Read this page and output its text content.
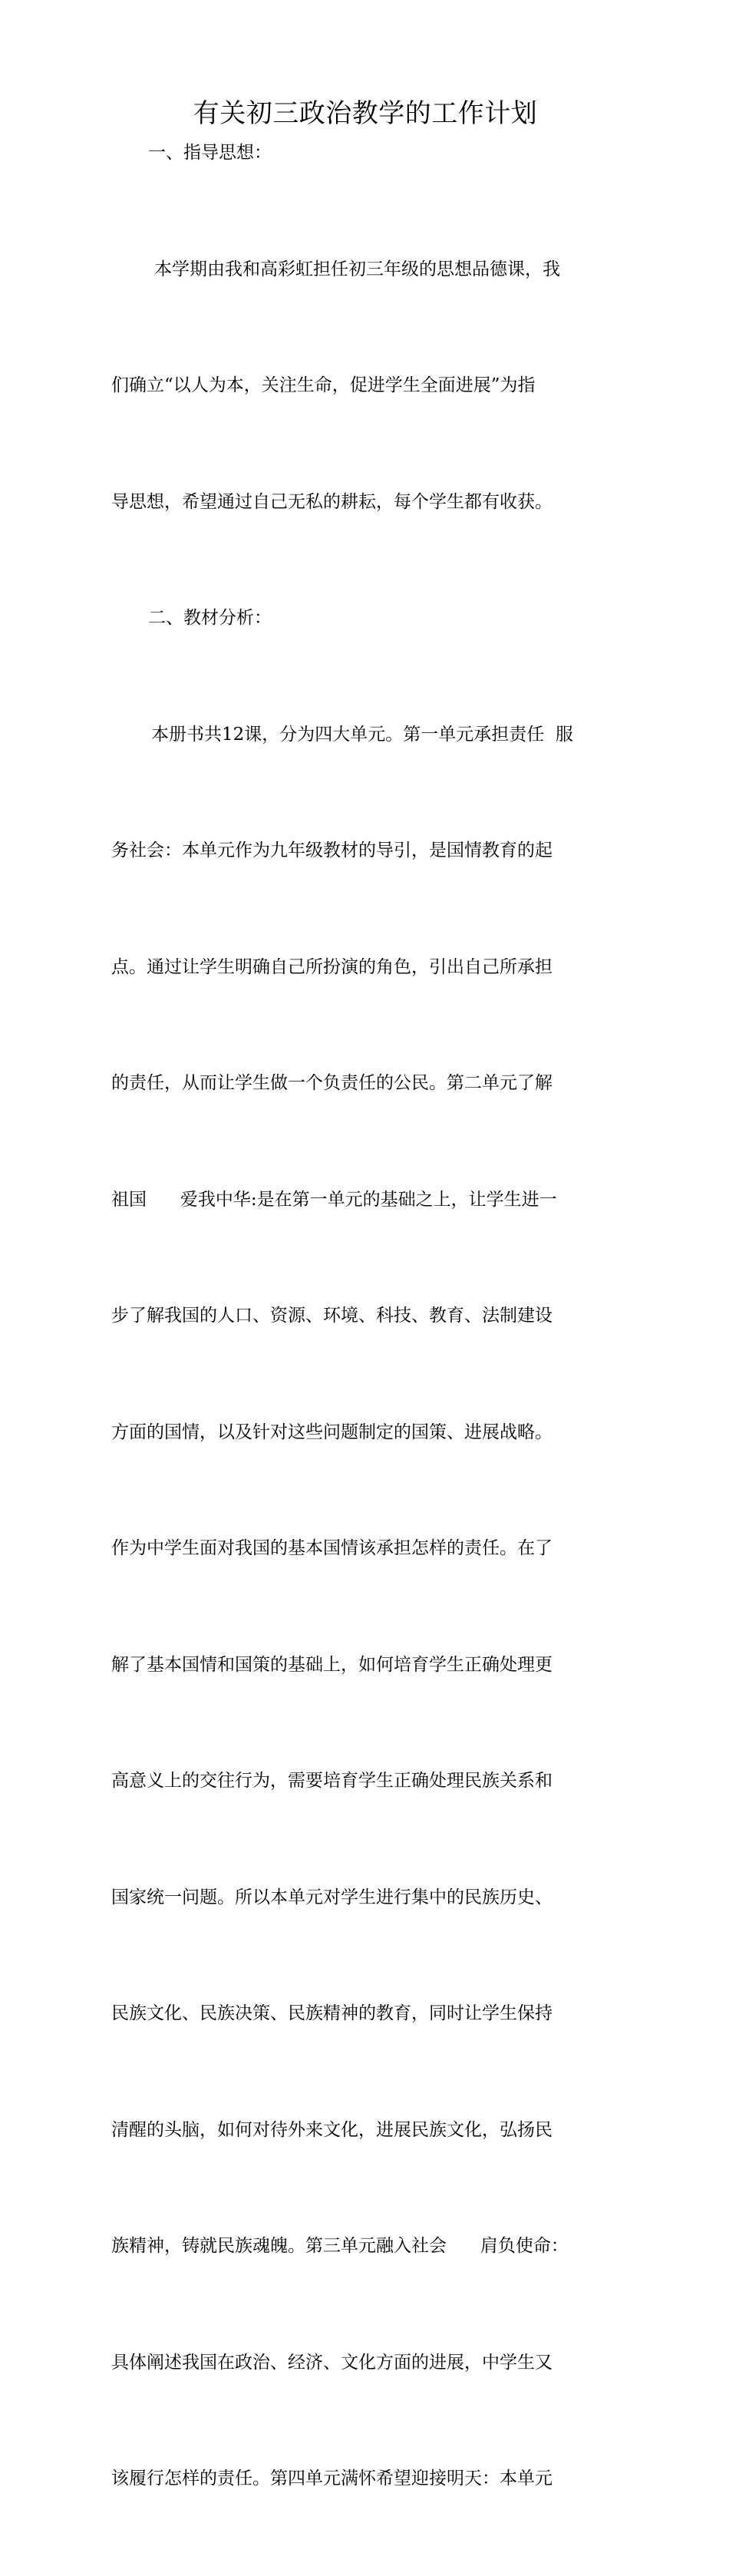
有关初三政治教学的工作计划

一、指导思想：

本学期由我和高彩虹担任初三年级的思想品德课，我

们确立“以人为本，关注生命，促进学生全面进展”为指

导思想，希望通过自己无私的耕耘，每个学生都有收获。

二、教材分析：

本册书共12课，分为四大单元。第一单元承担责任  服

务社会：本单元作为九年级教材的导引，是国情教育的起

点。通过让学生明确自己所扮演的角色，引出自己所承担

的责任，从而让学生做一个负责任的公民。第二单元了解

祖国      爱我中华:是在第一单元的基础之上，让学生进一

步了解我国的人口、资源、环境、科技、教育、法制建设

方面的国情，以及针对这些问题制定的国策、进展战略。

作为中学生面对我国的基本国情该承担怎样的责任。在了

解了基本国情和国策的基础上，如何培育学生正确处理更

高意义上的交往行为，需要培育学生正确处理民族关系和

国家统一问题。所以本单元对学生进行集中的民族历史、

民族文化、民族决策、民族精神的教育，同时让学生保持

清醒的头脑，如何对待外来文化，进展民族文化，弘扬民

族精神，铸就民族魂魄。第三单元融入社会      肩负使命：

具体阐述我国在政治、经济、文化方面的进展，中学生又

该履行怎样的责任。第四单元满怀希望迎接明天：本单元
